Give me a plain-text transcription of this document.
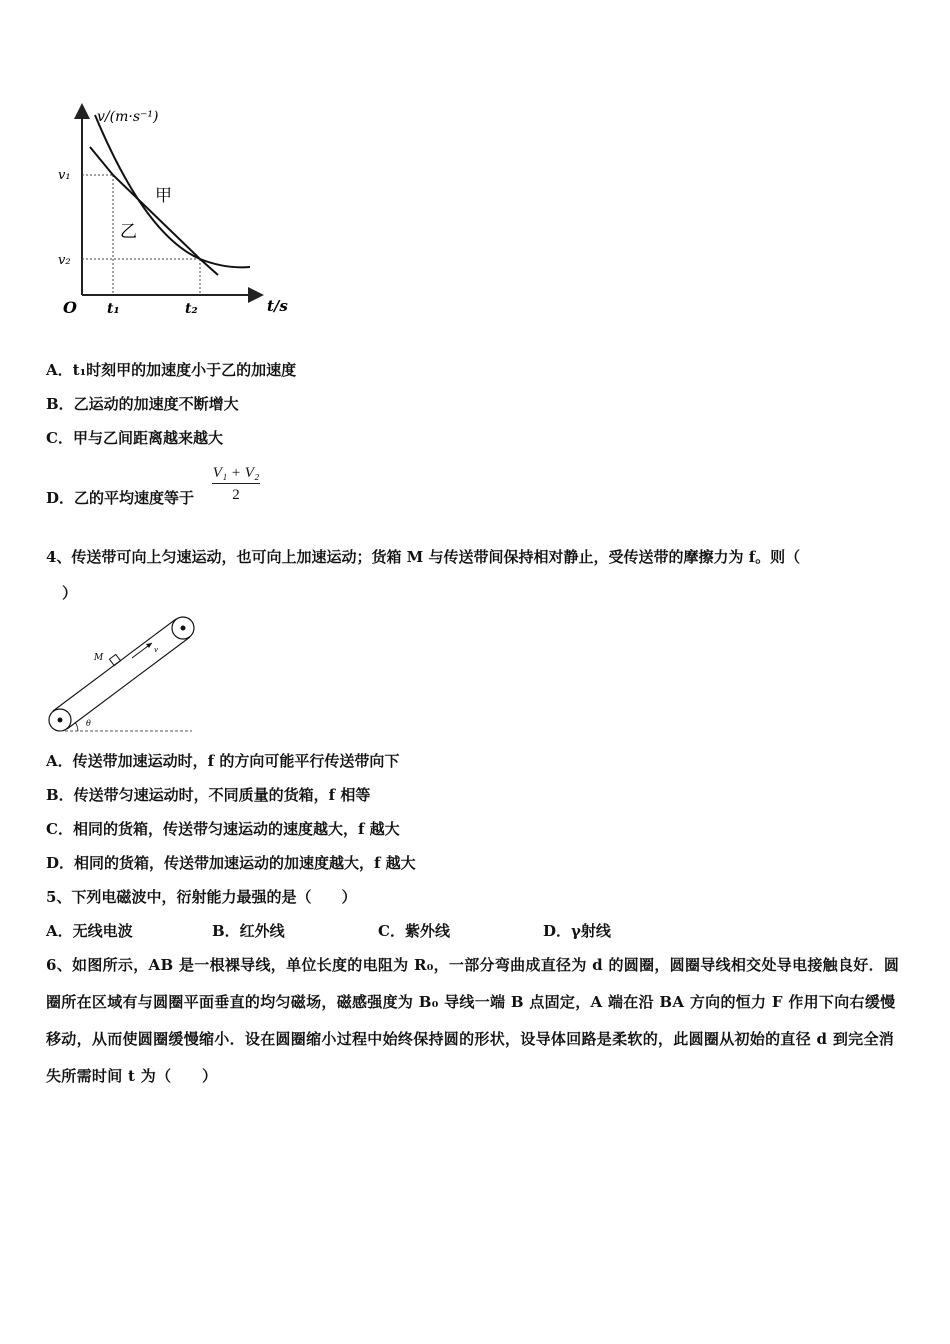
v/(m·s⁻¹)
t/s
O
v₁
v₂
t₁	t₂
甲
乙
A．t₁时刻甲的加速度小于乙的加速度
B．乙运动的加速度不断增大
C．甲与乙间距离越来越大
D．乙的平均速度等于
V₁ + V₂
2
4、传送带可向上匀速运动，也可向上加速运动；货箱 M 与传送带间保持相对静止，受传送带的摩擦力为 f。则（
）
M
v
θ
A．传送带加速运动时，f 的方向可能平行传送带向下
B．传送带匀速运动时，不同质量的货箱，f 相等
C．相同的货箱，传送带匀速运动的速度越大，f 越大
D．相同的货箱，传送带加速运动的加速度越大，f 越大
5、下列电磁波中，衍射能力最强的是（　　）
A．无线电波	B．红外线	C．紫外线	D．γ射线
6、如图所示，AB 是一根裸导线，单位长度的电阻为 R₀，一部分弯曲成直径为 d 的圆圈，圆圈导线相交处导电接触良好．圆圈所在区域有与圆圈平面垂直的均匀磁场，磁感强度为 B₀ 导线一端 B 点固定，A 端在沿 BA 方向的恒力 F 作用下向右缓慢移动，从而使圆圈缓慢缩小．设在圆圈缩小过程中始终保持圆的形状，设导体回路是柔软的，此圆圈从初始的直径 d 到完全消失所需时间 t 为（　　）
